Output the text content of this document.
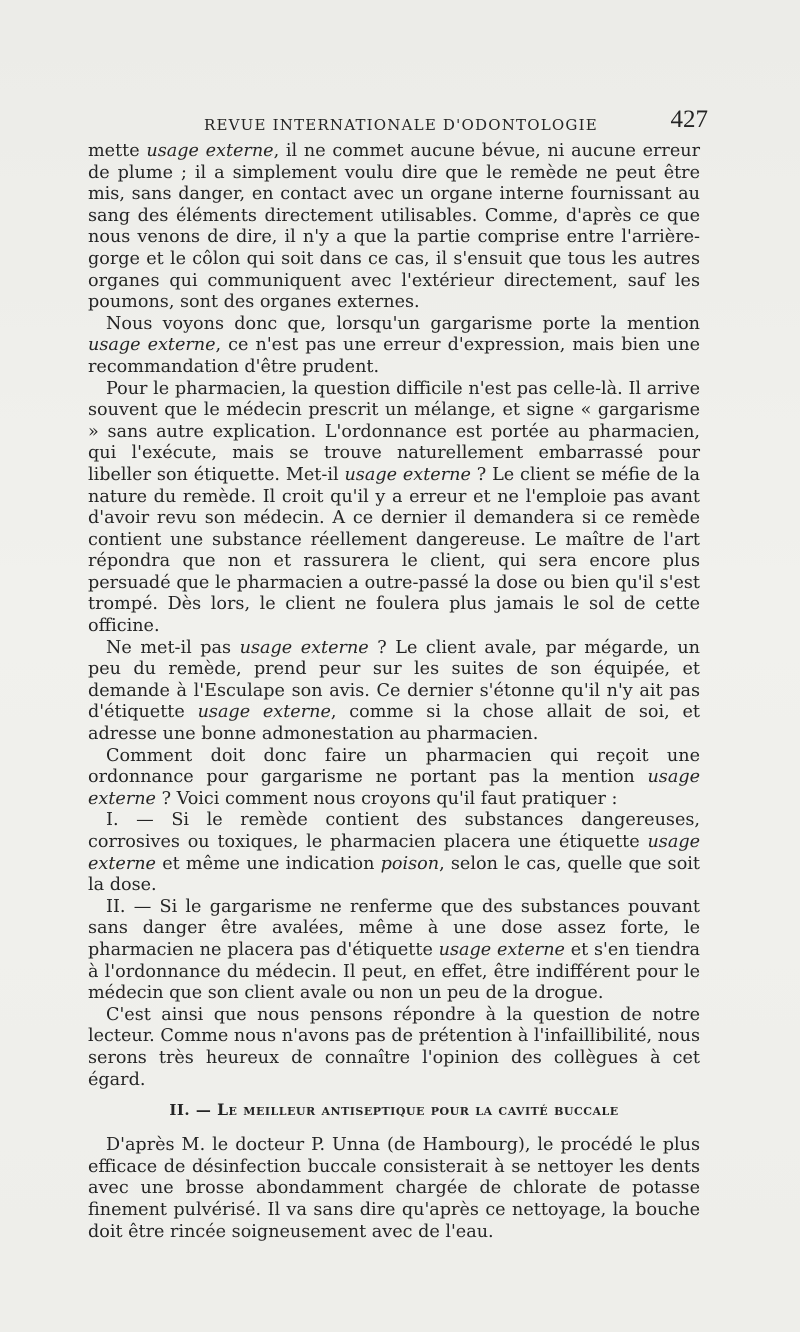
REVUE INTERNATIONALE D'ODONTOLOGIE	427

mette usage externe, il ne commet aucune bévue, ni aucune erreur de plume ; il a simplement voulu dire que le remède ne peut être mis, sans danger, en contact avec un organe interne fournissant au sang des éléments directement utilisables. Comme, d'après ce que nous venons de dire, il n'y a que la partie comprise entre l'arrière-gorge et le côlon qui soit dans ce cas, il s'ensuit que tous les autres organes qui communiquent avec l'extérieur directement, sauf les poumons, sont des organes externes.

Nous voyons donc que, lorsqu'un gargarisme porte la mention usage externe, ce n'est pas une erreur d'expression, mais bien une recommandation d'être prudent.

Pour le pharmacien, la question difficile n'est pas celle-là. Il arrive souvent que le médecin prescrit un mélange, et signe « gargarisme » sans autre explication. L'ordonnance est portée au pharmacien, qui l'exécute, mais se trouve naturellement embarrassé pour libeller son étiquette. Met-il usage externe ? Le client se méfie de la nature du remède. Il croit qu'il y a erreur et ne l'emploie pas avant d'avoir revu son médecin. A ce dernier il demandera si ce remède contient une substance réellement dangereuse. Le maître de l'art répondra que non et rassurera le client, qui sera encore plus persuadé que le pharmacien a outre-passé la dose ou bien qu'il s'est trompé. Dès lors, le client ne foulera plus jamais le sol de cette officine.

Ne met-il pas usage externe ? Le client avale, par mégarde, un peu du remède, prend peur sur les suites de son équipée, et demande à l'Esculape son avis. Ce dernier s'étonne qu'il n'y ait pas d'étiquette usage externe, comme si la chose allait de soi, et adresse une bonne admonestation au pharmacien.

Comment doit donc faire un pharmacien qui reçoit une ordonnance pour gargarisme ne portant pas la mention usage externe ? Voici comment nous croyons qu'il faut pratiquer :

I. — Si le remède contient des substances dangereuses, corrosives ou toxiques, le pharmacien placera une étiquette usage externe et même une indication poison, selon le cas, quelle que soit la dose.

II. — Si le gargarisme ne renferme que des substances pouvant sans danger être avalées, même à une dose assez forte, le pharmacien ne placera pas d'étiquette usage externe et s'en tiendra à l'ordonnance du médecin. Il peut, en effet, être indifférent pour le médecin que son client avale ou non un peu de la drogue.

C'est ainsi que nous pensons répondre à la question de notre lecteur. Comme nous n'avons pas de prétention à l'infaillibilité, nous serons très heureux de connaître l'opinion des collègues à cet égard.

II. — Le meilleur antiseptique pour la cavité buccale

D'après M. le docteur P. Unna (de Hambourg), le procédé le plus efficace de désinfection buccale consisterait à se nettoyer les dents avec une brosse abondamment chargée de chlorate de potasse finement pulvérisé. Il va sans dire qu'après ce nettoyage, la bouche doit être rincée soigneusement avec de l'eau.
